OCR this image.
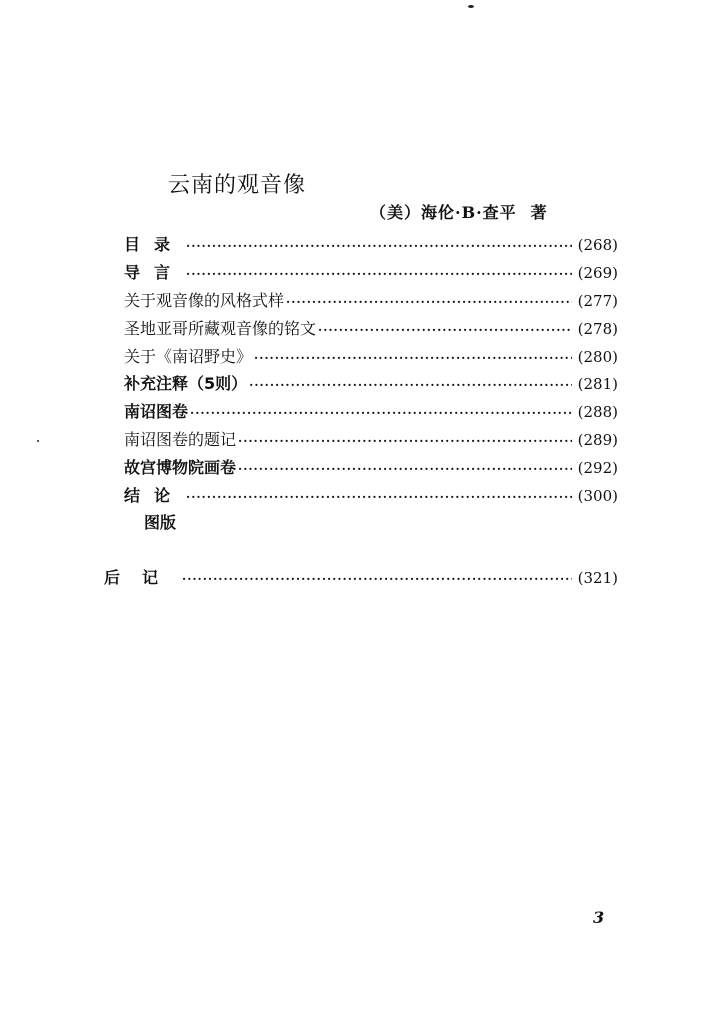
云南的观音像
（美）海伦·B·查平 著
目录 ·····	(268)
导言 ·····	(269)
关于观音像的风格式样 ·····	(277)
圣地亚哥所藏观音像的铭文 ·····	(278)
关于《南诏野史》 ·····	(280)
补充注释（5则） ·····	(281)
南诏图卷 ·····	(288)
南诏图卷的题记 ·····	(289)
故宫博物院画卷 ·····	(292)
结论 ·····	(300)
图版
后记 ·····	(321)
3
